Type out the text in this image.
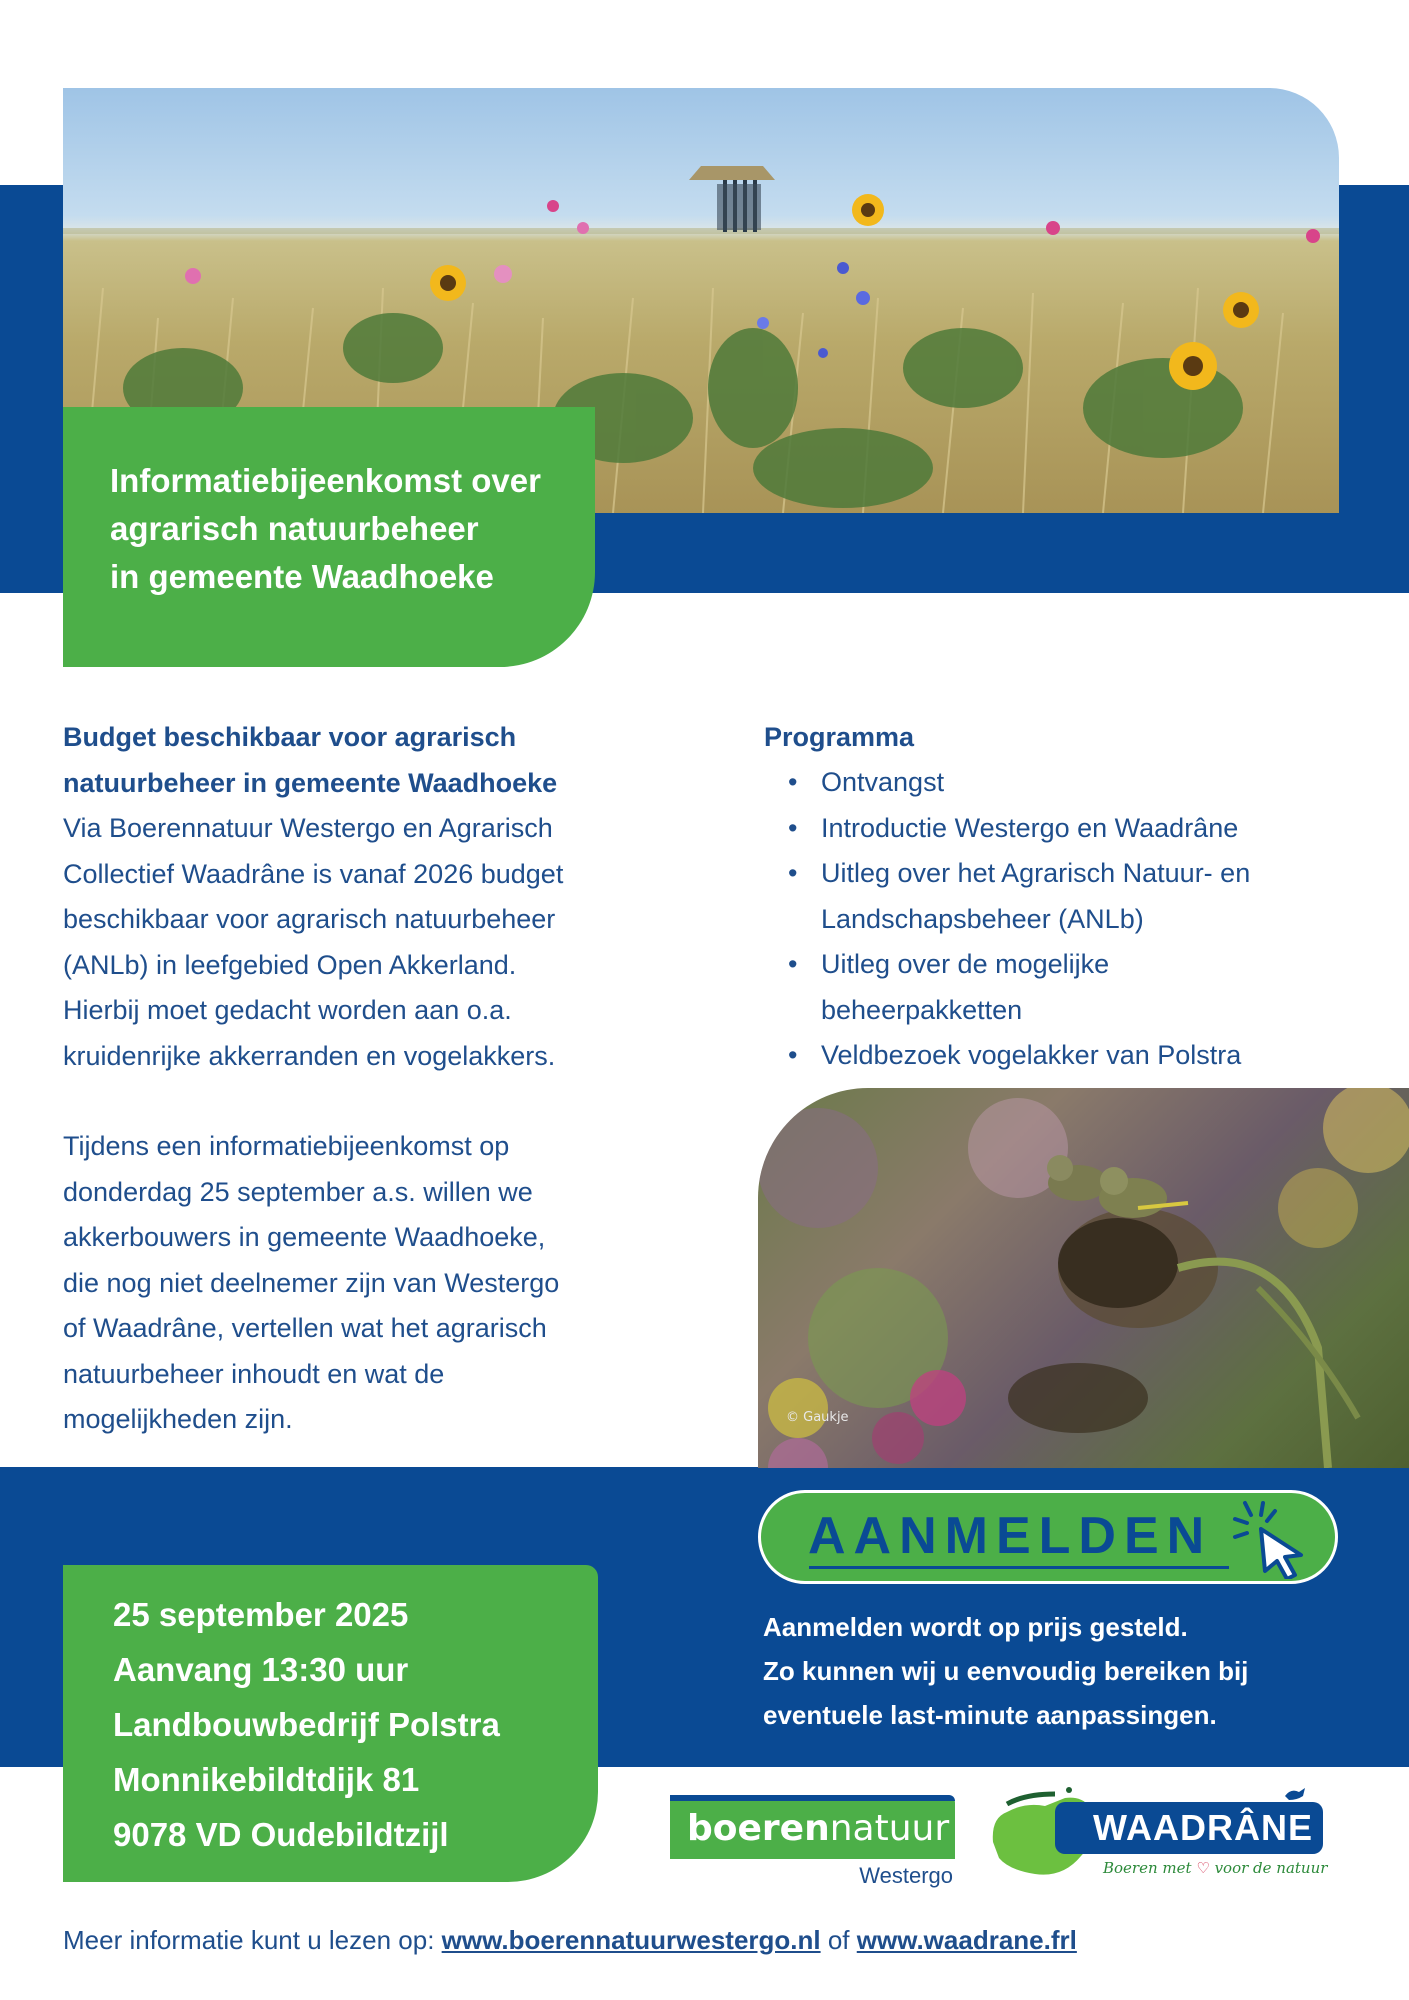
Informatiebijeenkomst over
agrarisch natuurbeheer
in gemeente Waadhoeke
Budget beschikbaar voor agrarisch
natuurbeheer in gemeente Waadhoeke
Via Boerennatuur Westergo en Agrarisch
Collectief Waadrâne is vanaf 2026 budget
beschikbaar voor agrarisch natuurbeheer
(ANLb) in leefgebied Open Akkerland.
Hierbij moet gedacht worden aan o.a.
kruidenrijke akkerranden en vogelakkers.
Tijdens een informatiebijeenkomst op
donderdag 25 september a.s. willen we
akkerbouwers in gemeente Waadhoeke,
die nog niet deelnemer zijn van Westergo
of Waadrâne, vertellen wat het agrarisch
natuurbeheer inhoudt en wat de
mogelijkheden zijn.
Programma
• Ontvangst
• Introductie Westergo en Waadrâne
• Uitleg over het Agrarisch Natuur- en
Landschapsbeheer (ANLb)
• Uitleg over de mogelijke
beheerpakketten
• Veldbezoek vogelakker van Polstra
© Gaukje
AANMELDEN
Aanmelden wordt op prijs gesteld.
Zo kunnen wij u eenvoudig bereiken bij
eventuele last-minute aanpassingen.
25 september 2025
Aanvang 13:30 uur
Landbouwbedrijf Polstra
Monnikebildtdijk 81
9078 VD Oudebildtzijl	boerennatuur
Westergo
WAADRÂNE
Boeren met ♡ voor de natuur
Meer informatie kunt u lezen op: www.boerennatuurwestergo.nl of www.waadrane.frl
